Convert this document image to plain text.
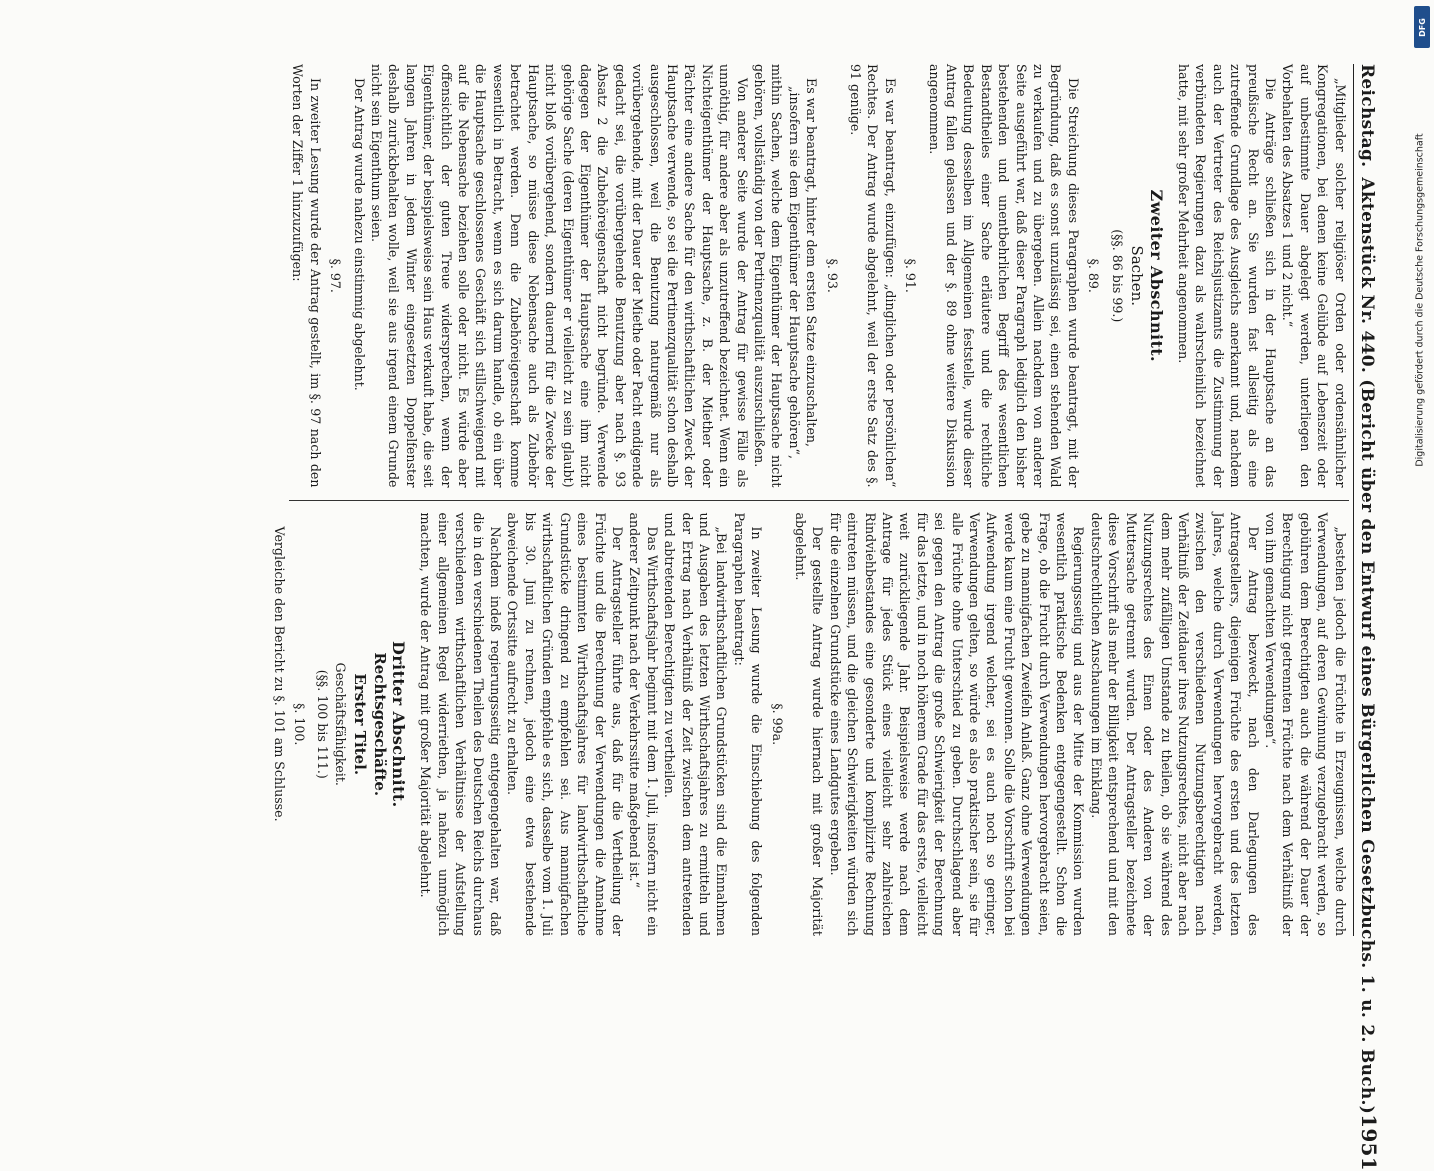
Reichstag.
Aktenstück Nr. 440. (Bericht über den Entwurf eines Bürgerlichen Gesetzbuchs. 1. u. 2. Buch.)
1951

„Mitglieder solcher religiöser Orden oder ordensähnlicher Kongregationen, bei denen keine Gelübde auf Lebenszeit oder auf unbestimmte Dauer abgelegt werden, unterliegen den Vorbehalten des Absatzes 1 und 2 nicht.“

Die Anträge schließen sich in der Hauptsache an das preußische Recht an. Sie wurden fast allseitig als eine zutreffende Grundlage des Ausgleichs anerkannt und, nachdem auch der Vertreter des Reichsjustizamts die Zustimmung der verbündeten Regierungen dazu als wahrscheinlich bezeichnet hatte, mit sehr großer Mehrheit angenommen.

Zweiter Abschnitt.
Sachen.
(§§. 86 bis 99.)
§. 89.

Die Streichung dieses Paragraphen wurde beantragt, mit der Begründung, daß es sonst unzulässig sei, einen stehenden Wald zu verkaufen und zu übergeben. Allein nachdem von anderer Seite ausgeführt war, daß dieser Paragraph lediglich den bisher bestehenden und unentbehrlichen Begriff des wesentlichen Bestandtheiles einer Sache erläutere und die rechtliche Bedeutung desselben im Allgemeinen feststelle, wurde dieser Antrag fallen gelassen und der §. 89 ohne weitere Diskussion angenommen.

§. 91.

Es war beantragt, einzufügen: „dinglichen oder persönlichen“ Rechtes. Der Antrag wurde abgelehnt, weil der erste Satz des §. 91 genüge.

§. 93.

Es war beantragt, hinter dem ersten Satze einzuschalten,

„insofern sie dem Eigenthümer der Hauptsache gehören“,

mithin Sachen, welche dem Eigenthümer der Hauptsache nicht gehören, vollständig von der Pertinenzqualität auszuschließen.

Von anderer Seite wurde der Antrag für gewisse Fälle als unnöthig, für andere aber als unzutreffend bezeichnet. Wenn ein Nichteigenthümer der Hauptsache, z. B. der Miether oder Pächter eine andere Sache für den wirthschaftlichen Zweck der Hauptsache verwende, so sei die Pertinenzqualität schon deshalb ausgeschlossen, weil die Benutzung naturgemäß nur als vorübergehende, mit der Dauer der Miethe oder Pacht endigende gedacht sei, die vorübergehende Benutzung aber nach §. 93 Absatz 2 die Zubehöreigenschaft nicht begründe. Verwende dagegen der Eigenthümer der Hauptsache eine ihm nicht gehörige Sache (deren Eigenthümer er vielleicht zu sein glaubt) nicht bloß vorübergehend, sondern dauernd für die Zwecke der Hauptsache, so müsse diese Nebensache auch als Zubehör betrachtet werden. Denn die Zubehöreigenschaft komme wesentlich in Betracht, wenn es sich darum handle, ob ein über die Hauptsache geschlossenes Geschäft sich stillschweigend mit auf die Nebensache beziehen solle oder nicht. Es würde aber offensichtlich der guten Treue widersprechen, wenn der Eigenthümer, der beispielsweise sein Haus verkauft habe, die seit langen Jahren in jedem Winter eingesetzten Doppelfenster deshalb zurückbehalten wolle, weil sie aus irgend einem Grunde nicht sein Eigenthum seien.

Der Antrag wurde nahezu einstimmig abgelehnt.

§. 97.

In zweiter Lesung wurde der Antrag gestellt, im §. 97 nach den Worten der Ziffer 1 hinzuzufügen:

„bestehen jedoch die Früchte in Erzeugnissen, welche durch Verwendungen, auf deren Gewinnung verzugebracht werden, so gebühren dem Berechtigten auch die während der Dauer der Berechtigung nicht getrennten Früchte nach dem Verhältniß der von ihm gemachten Verwendungen“.

Der Antrag bezweckt, nach den Darlegungen des Antragstellers, diejenigen Früchte des ersten und des letzten Jahres, welche durch Verwendungen hervorgebracht werden, zwischen den verschiedenen Nutzungsberechtigten nach Verhältniß der Zeitdauer ihres Nutzungsrechtes, nicht aber nach dem mehr zufälligen Umstande zu theilen, ob sie während des Nutzungsrechtes des Einen oder des Anderen von der Muttersache getrennt wurden. Der Antragsteller bezeichnete diese Vorschrift als mehr der Billigkeit entsprechend und mit den deutschrechtlichen Anschauungen im Einklang.

Regierungsseitig und aus der Mitte der Kommission wurden wesentlich praktische Bedenken entgegengestellt. Schon die Frage, ob die Frucht durch Verwendungen hervorgebracht seien, gebe zu mannigfachen Zweifeln Anlaß. Ganz ohne Verwendungen werde kaum eine Frucht gewonnen. Solle die Vorschrift schon bei Aufwendung irgend welcher, sei es auch noch so geringer, Verwendungen gelten, so würde es also praktischer sein, sie für alle Früchte ohne Unterschied zu geben. Durchschlagend aber sei gegen den Antrag die große Schwierigkeit der Berechnung für das letzte, und in noch höherem Grade für das erste, vielleicht weit zurückliegende Jahr. Beispielsweise werde nach dem Antrage für jedes Stück eines vielleicht sehr zahlreichen Rindviehbestandes eine gesonderte und komplizirte Rechnung eintreten müssen, und die gleichen Schwierigkeiten würden sich für die einzelnen Grundstücke eines Landgutes ergeben.

Der gestellte Antrag wurde hiernach mit großer Majorität abgelehnt.

§. 99a.

In zweiter Lesung wurde die Einschiebung des folgenden Paragraphen beantragt:

„Bei landwirthschaftlichen Grundstücken sind die Einnahmen und Ausgaben des letzten Wirthschaftsjahres zu ermitteln und der Ertrag nach Verhältniß der Zeit zwischen dem antretenden und abtretenden Berechtigten zu vertheilen.

Das Wirthschaftsjahr beginnt mit dem 1. Juli, insofern nicht ein anderer Zeitpunkt nach der Verkehrssitte maßgebend ist.“

Der Antragsteller führte aus, daß für die Vertheilung der Früchte und die Berechnung der Verwendungen die Annahme eines bestimmten Wirthschaftsjahres für landwirthschaftliche Grundstücke dringend zu empfehlen sei. Aus mannigfachen wirthschaftlichen Gründen empfehle es sich, dasselbe vom 1. Juli bis 30. Juni zu rechnen, jedoch eine etwa bestehende abweichende Ortssitte aufrecht zu erhalten.

Nachdem indeß regierungsseitig entgegengehalten war, daß die in den verschiedenen Theilen des Deutschen Reichs durchaus verschiedenen wirthschaftlichen Verhältnisse der Aufstellung einer allgemeinen Regel widerriethen, ja nahezu unmöglich machten, wurde der Antrag mit großer Majorität abgelehnt.

Dritter Abschnitt.
Rechtsgeschäfte.
Erster Titel.
Geschäftsfähigkeit.
(§§. 100 bis 111.)
§. 100.

Vergleiche den Bericht zu §. 101 am Schlusse.

DFG
Digitalisierung gefördert durch die Deutsche Forschungsgemeinschaft
